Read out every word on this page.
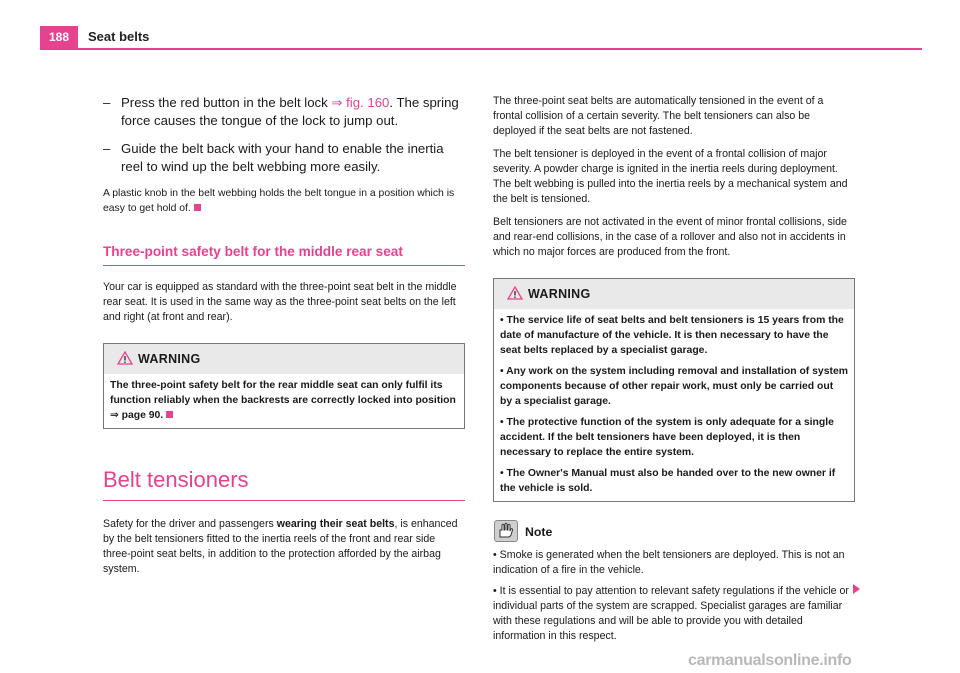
188	Seat belts
– Press the red button in the belt lock ⇒ fig. 160. The spring force causes the tongue of the lock to jump out.
– Guide the belt back with your hand to enable the inertia reel to wind up the belt webbing more easily.

A plastic knob in the belt webbing holds the belt tongue in a position which is easy to get hold of.

Three-point safety belt for the middle rear seat

Your car is equipped as standard with the three-point seat belt in the middle rear seat. It is used in the same way as the three-point seat belts on the left and right (at front and rear).

WARNING

The three-point safety belt for the rear middle seat can only fulfil its function reliably when the backrests are correctly locked into position ⇒ page 90.

Belt tensioners

Safety for the driver and passengers wearing their seat belts, is enhanced by the belt tensioners fitted to the inertia reels of the front and rear side three-point seat belts, in addition to the protection afforded by the airbag system.

The three-point seat belts are automatically tensioned in the event of a frontal collision of a certain severity. The belt tensioners can also be deployed if the seat belts are not fastened.

The belt tensioner is deployed in the event of a frontal collision of major severity. A powder charge is ignited in the inertia reels during deployment. The belt webbing is pulled into the inertia reels by a mechanical system and the belt is tensioned.

Belt tensioners are not activated in the event of minor frontal collisions, side and rear-end collisions, in the case of a rollover and also not in accidents in which no major forces are produced from the front.

WARNING

• The service life of seat belts and belt tensioners is 15 years from the date of manufacture of the vehicle. It is then necessary to have the seat belts replaced by a specialist garage.

• Any work on the system including removal and installation of system components because of other repair work, must only be carried out by a specialist garage.

• The protective function of the system is only adequate for a single accident. If the belt tensioners have been deployed, it is then necessary to replace the entire system.

• The Owner's Manual must also be handed over to the new owner if the vehicle is sold.

Note

• Smoke is generated when the belt tensioners are deployed. This is not an indication of a fire in the vehicle.

• It is essential to pay attention to relevant safety regulations if the vehicle or individual parts of the system are scrapped. Specialist garages are familiar with these regulations and will be able to provide you with detailed information in this respect.

carmanualsonline.info
